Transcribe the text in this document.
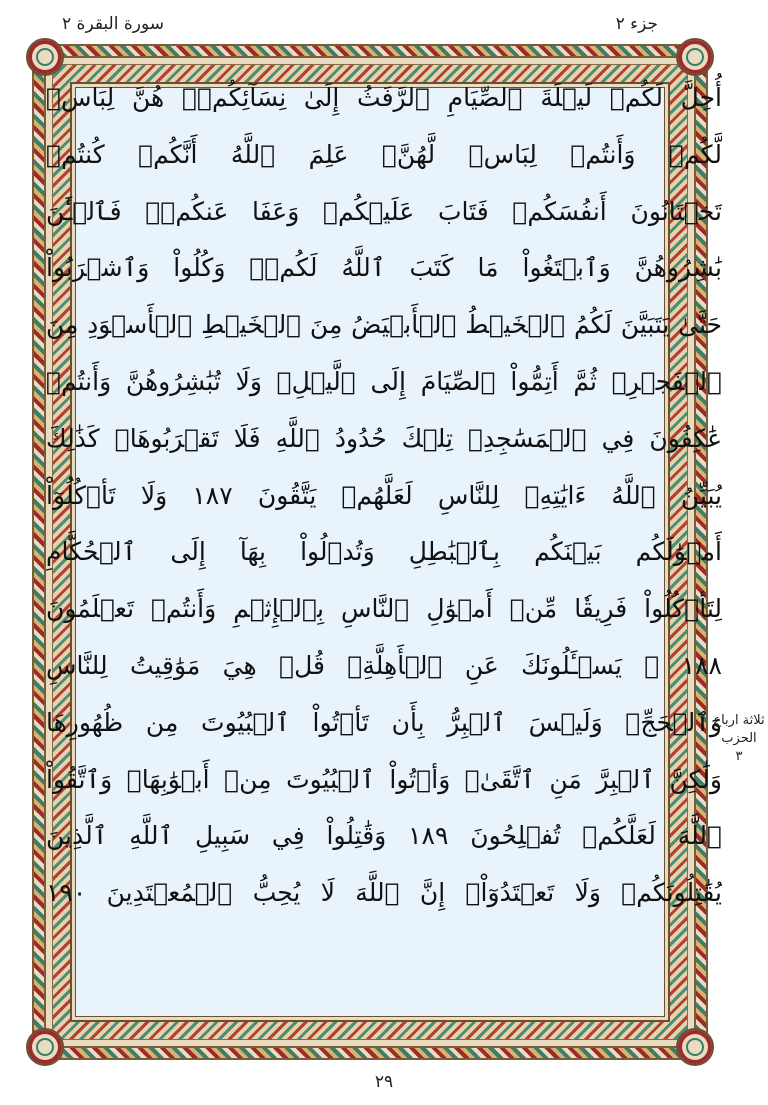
جزء ٢
سورة البقرة ٢
أُحِلَّ لَكُمۡ لَيۡلَةَ ٱلصِّيَامِ ٱلرَّفَثُ إِلَىٰ نِسَآئِكُمۡۚ هُنَّ لِبَاسٞ
لَّكُمۡ وَأَنتُمۡ لِبَاسٞ لَّهُنَّۗ عَلِمَ ٱللَّهُ أَنَّكُمۡ كُنتُمۡ
تَخۡتَانُونَ أَنفُسَكُمۡ فَتَابَ عَلَيۡكُمۡ وَعَفَا عَنكُمۡۖ فَٱلۡـَٰٔنَ
بَٰشِرُوهُنَّ وَٱبۡتَغُواْ مَا كَتَبَ ٱللَّهُ لَكُمۡۚ وَكُلُواْ وَٱشۡرَبُواْ
حَتَّىٰ يَتَبَيَّنَ لَكُمُ ٱلۡخَيۡطُ ٱلۡأَبۡيَضُ مِنَ ٱلۡخَيۡطِ ٱلۡأَسۡوَدِ مِنَ
ٱلۡفَجۡرِۖ ثُمَّ أَتِمُّواْ ٱلصِّيَامَ إِلَى ٱلَّيۡلِۚ وَلَا تُبَٰشِرُوهُنَّ وَأَنتُمۡ
عَٰكِفُونَ فِي ٱلۡمَسَٰجِدِۗ تِلۡكَ حُدُودُ ٱللَّهِ فَلَا تَقۡرَبُوهَاۗ كَذَٰلِكَ
يُبَيِّنُ ٱللَّهُ ءَايَٰتِهِۦ لِلنَّاسِ لَعَلَّهُمۡ يَتَّقُونَ ١٨٧ وَلَا تَأۡكُلُوٓاْ
أَمۡوَٰلَكُم بَيۡنَكُم بِٱلۡبَٰطِلِ وَتُدۡلُواْ بِهَآ إِلَى ٱلۡحُكَّامِ
لِتَأۡكُلُواْ فَرِيقٗا مِّنۡ أَمۡوَٰلِ ٱلنَّاسِ بِٱلۡإِثۡمِ وَأَنتُمۡ تَعۡلَمُونَ
١٨٨ ۞ يَسۡـَٔلُونَكَ عَنِ ٱلۡأَهِلَّةِۖ قُلۡ هِيَ مَوَٰقِيتُ لِلنَّاسِ
وَٱلۡحَجِّۗ وَلَيۡسَ ٱلۡبِرُّ بِأَن تَأۡتُواْ ٱلۡبُيُوتَ مِن ظُهُورِهَا
وَلَٰكِنَّ ٱلۡبِرَّ مَنِ ٱتَّقَىٰۗ وَأۡتُواْ ٱلۡبُيُوتَ مِنۡ أَبۡوَٰبِهَاۚ وَٱتَّقُواْ
ٱللَّهَ لَعَلَّكُمۡ تُفۡلِحُونَ ١٨٩ وَقَٰتِلُواْ فِي سَبِيلِ ٱللَّهِ ٱلَّذِينَ
يُقَٰتِلُونَكُمۡ وَلَا تَعۡتَدُوٓاْۚ إِنَّ ٱللَّهَ لَا يُحِبُّ ٱلۡمُعۡتَدِينَ ١٩٠
ثلاثة ارباع
الحزب
٣
٢٩
